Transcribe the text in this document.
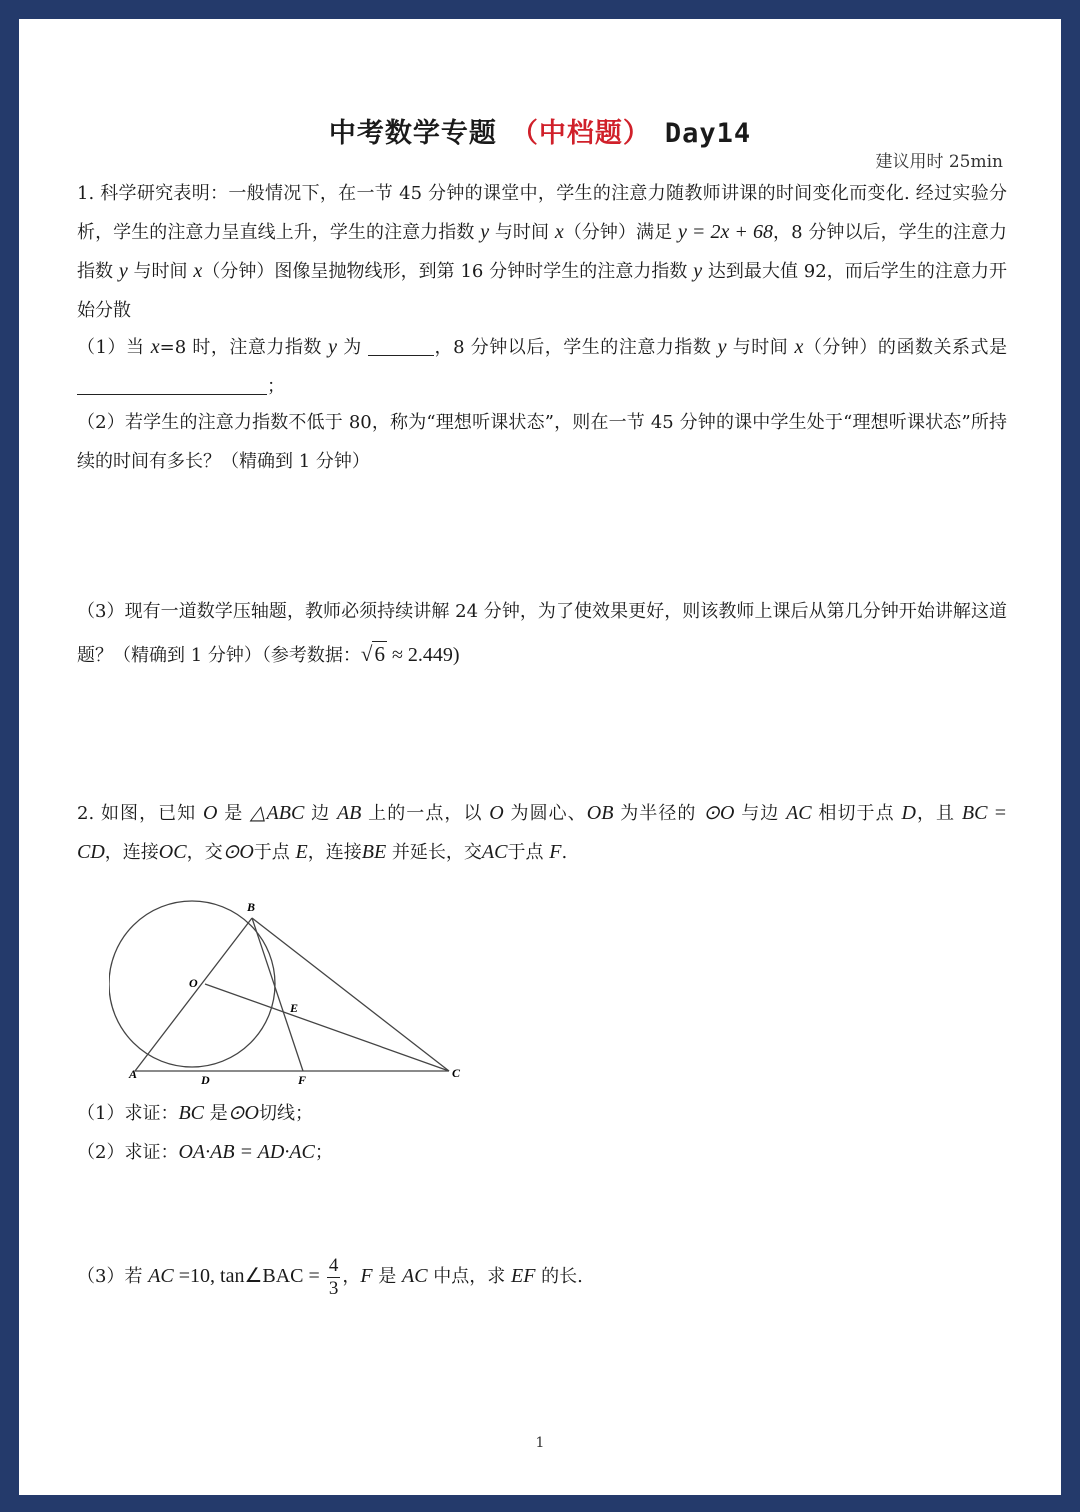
中考数学专题 （中档题） Day14
建议用时 25min
1. 科学研究表明：一般情况下，在一节 45 分钟的课堂中，学生的注意力随教师讲课的时间变化而变化. 经过实验分析，学生的注意力呈直线上升，学生的注意力指数 y 与时间 x（分钟）满足 y = 2x + 68，8 分钟以后，学生的注意力指数 y 与时间 x（分钟）图像呈抛物线形，到第 16 分钟时学生的注意力指数 y 达到最大值 92，而后学生的注意力开始分散
（1）当 x=8 时，注意力指数 y 为	，8 分钟以后，学生的注意力指数 y 与时间 x（分钟）的函数关系式是 ；
（2）若学生的注意力指数不低于 80，称为“理想听课状态”，则在一节 45 分钟的课中学生处于“理想听课状态”所持续的时间有多长？（精确到 1 分钟）
（3）现有一道数学压轴题，教师必须持续讲解 24 分钟，为了使效果更好，则该教师上课后从第几分钟开始讲解这道题？（精确到 1 分钟）（参考数据：√6 ≈ 2.449)
2. 如图，已知 O 是 △ABC 边 AB 上的一点，以 O 为圆心、OB 为半径的 ⊙O 与边 AC 相切于点 D，且 BC = CD，连接OC，交⊙O于点 E，连接BE 并延长，交AC于点 F.
B
O
E
A	D	F	C
（1）求证：BC 是⊙O切线；
（2）求证：OA·AB = AD·AC；
（3）若 AC =10, tan∠BAC = $\frac{4}{3}$ ，F 是 AC 中点，求 EF 的长.
1
